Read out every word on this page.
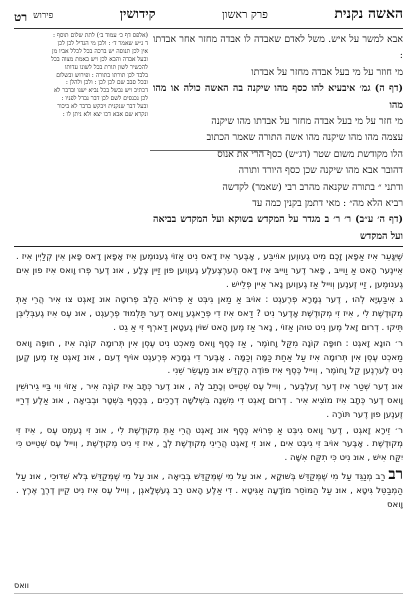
האשה נקנית
פרק ראשון
קידושין
פירוש
רט

אבא למשר על איש. משל לאדם שאבדה לו אבדה מחזר אחר אבדתו :

מי חוזר על מי בעל אבדה מחזר על אבדתו

(דף ה) גמ׳ איבעיא להו כסף מהו שיקנה בה האשה כולה או מהו מהו

מי חזר על מי בעל אבדה מחזר על אבדתו מהו שיקנה

עצמה מהו מהו שיקנה מהו אשה התורה שאמר הכתוב

הלו מקודשת משום שטר (דג״ש) כסף הרי את אנוס

דהובר אבא מהו שיקנה שכן כסף היורד ותורה

ודתני ״ בתורה שקנאה מהרב רבי (שאמר) לקדשה

רביא הלא מה״ : מאי דתמן בקנין כמה עד

(דף ה׳ ע״ב) ר׳ ר׳ ב מגדר על המקדש בשוקא ועל המקדש בביאה ועל המקדש

(אלפס דף כ׳ עמוד ב׳) לתת שלום תוסף :

ד ג״ש שאמר ד׳ : ולכן מי הגדיל לכן לכן

אין לכן תנוסה יש ברכה בכל לכלל אביו מן

ובעל אבדה והבא לכן ויש באמת מצוה בכל

להכשיר לשון תורת בכל לשונו עדותו

בלבד לכן תורתו בתורה : ופירוש ובשלום

ובכל סבב שם לכן לכן : ולכן ולהלן :

דכתיב ויש נבשל בכל נביא ישנו ובדבר לא

לכן נכנסים לשם לכן דבר נבדל לפניו :

ובעל דבר שנקנית ויבקש בדבר לא ביכור

ונקרא שם אבא דכו יצא ולא ניתן לו :

שֶׁיִּגָּעֵר אִיז אַפָאן זָכֶם מִיט גֶעווֶען אוֹיִיבֵּע , אָבֶּער אִיז דָאס נִיט אַזוֹי גֶענוּמֶען אִיז אָפָאן דָאס פָאן אִין קְלַיְין אִיז . אֵיינֶער הָאט אַ וַוייבּ , פָאר דֶער וַוייבּ אִיז דָאס הֶערְצֶעלֶע גֶעוֶוען פוּן זַיין צֶלָע , אוּנ דֶער פְרוּ וָואס אִיז פוּן אִים גֶענוּמֶען , זַיי זֶענֶען וְוייל אַז גֶעוֶוען נָאר אֵיין פְלֵיישׁ .

ג אִיבַּעְיָא לְהוּ , דֶער גְמָרָא פְרֶעגְט : אוֹיבּ אַ מַאן גִיבְּט אַ פְרוֹיא הַלְבּ פְרוּטָה אוּנ זָאגְט צוּ אִיר הֲרֵי אַתְּ מְקוּדֶשֶׁת לִי , אִיז זִי מְקוּדֶשֶׁת אָדֶער נִיט ? דַאס אִיז דִי פְרַאגֶע וָואס דֶער תַּלְמוּד פְרֶעגְט , אוּנ עֶס אִיז גֶעבְּלִיבְּן תֵּיקוּ . דְרוּם זָאל מֶען נִיט טוּהן אַזוֹי , נָאר אַז מֶען הָאט שׁוֹין גֶעטָאן דַארְף זִי אַ גֵט .

ר׳ הוּנָא זָאגְט : חוּפָּה קוֹנָה מִקַּל וָחוֹמֶר , אַז כֶּסֶף וָואס מַאכְט נִיט עֶסְן אִין תְּרוּמָה קוֹנֶה אִיז , חוּפָּה וָואס מַאכְט עֶסְן אִין תְּרוּמָה אִיז עַל אַחַת כַּמָּה וְכַמָּה . אָבֶּער דִי גְמָרָא פְרֶעגְט אוֹיף דֶעם , אוּנ זָאגְט אַז מֶען קֶען נִיט לֶערְנֶען קַל וָחוֹמֶר , וְוייל כֶּסֶף אִיז פּוֹדֶה הֶקְדֵּשׁ אוּנ מַעֲשֵׂר שֵׁנִי .

אוּנ דֶער שְׁטַר אִיז דֶער זֶעלְבֶּער , וְוייל עֶס שְׁטֵייט וְכָתַב לָהּ , אוּנ דֶער כְּתָב אִיז קוֹנֶה אִיר , אַזוֹי וִוי בַּיי גֵירוּשִׁין וָואס דֶער כְּתָב אִיז מוֹצִיא אִיר . דְרוּם זָאגְט דִי מִשְׁנָה בִּשְׁלֹשָׁה דְרָכִים , בְּכֶסֶף בִּשְׁטָר וּבְבִיאָה , אוּנ אַלֶע דְרַיי זֶענֶען פוּן דֶער תּוֹרָה .

ר׳ זֵירָא זָאגְט , דֶער וָואס גִיבְּט אַ פְרוֹיא כֶּסֶף אוּנ זָאגְט הֲרֵי אַתְּ מְקוּדֶשֶׁת לִי , אוּנ זִי נֶעמְט עֶס , אִיז זִי מְקוּדֶשֶׁת . אָבֶּער אוֹיבּ זִי גִיבְּט אִים , אוּנ זִי זָאגְט הֲרֵינִי מְקוּדֶשֶׁת לְךָ , אִיז זִי נִיט מְקוּדֶשֶׁת , וְוייל עֶס שְׁטֵייט כִּי יִקַּח אִישׁ , אוּנ נִיט כִּי תִקַּח אִשָּׁה .

רב רַב מְנַגֵּד עַל מִי שֶׁמְּקַדֵּשׁ בְּשׁוּקָא , אוּנ עַל מִי שֶׁמְּקַדֵּשׁ בְּבִיאָה , אוּנ עַל מִי שֶׁמְּקַדֵּשׁ בְּלֹא שִׁדּוּכֵי , אוּנ עַל הַמְבַטֵּל גִּיטָא , אוּנ עַל הַמּוֹסֵר מוֹדָעָה אַגִּיטָא . דִי אַלֶע הָאט רַב גֶעשְׁלָאגְן , וְוייל עֶס אִיז נִיט קֵיין דֶרֶךְ אֶרֶץ . וָואס

וואס
